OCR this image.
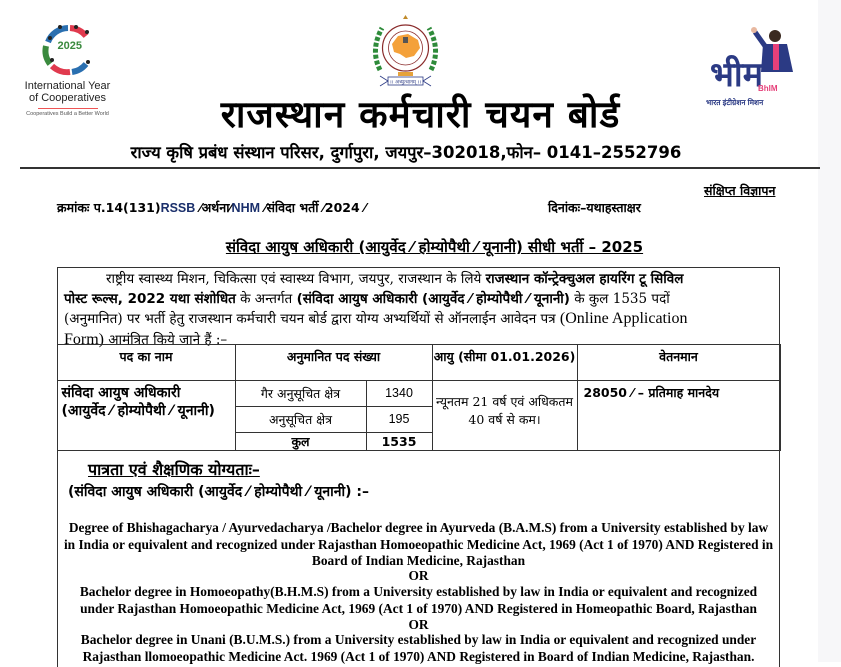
2025
International Year
of Cooperatives
Cooperatives Build a Better World
।। अभ्युत्थानम् ।।	भीम
BhIM
भारत इंटीग्रेशन मिशन
राजस्थान कर्मचारी चयन बोर्ड
राज्य कृषि प्रबंध संस्थान परिसर, दुर्गापुरा, जयपुर–302018,फोन– 0141–2552796
संक्षिप्त विज्ञापन
क्रमांकः प.14(131)RSSB ⁄अर्थना⁄NHM ⁄संविदा भर्ती ⁄2024 ⁄	दिनांकः–यथाहस्ताक्षर
संविदा आयुष अधिकारी (आयुर्वेद ⁄ होम्योपैथी ⁄ यूनानी) सीधी भर्ती – 2025
राष्ट्रीय स्वास्थ्य मिशन, चिकित्सा एवं स्वास्थ्य विभाग, जयपुर, राजस्थान के लिये राजस्थान कॉन्ट्रेक्चुअल हायरिंग टू सिविल
पोस्ट रूल्स, 2022 यथा संशोधित के अन्तर्गत (संविदा आयुष अधिकारी (आयुर्वेद ⁄ होम्योपैथी ⁄ यूनानी) के कुल 1535 पदों
(अनुमानित) पर भर्ती हेतु राजस्थान कर्मचारी चयन बोर्ड द्वारा योग्य अभ्यर्थियों से ऑनलाईन आवेदन पत्र (Online Application
Form) आमंत्रित किये जाने हैं :–
पद का नाम	अनुमानित पद संख्या		आयु (सीमा 01.01.2026)	वेतनमान

संविदा आयुष अधिकारी
(आयुर्वेद ⁄ होम्योपैथी ⁄ यूनानी)	गैर अनुसूचित क्षेत्र	1340	न्यूनतम 21 वर्ष एवं अधिकतम 40 वर्ष से कम।	28050 ⁄ – प्रतिमाह मानदेय
	अनुसूचित क्षेत्र	195		
	कुल	1535		
पात्रता एवं शैक्षणिक योग्यताः–
(संविदा आयुष अधिकारी (आयुर्वेद ⁄ होम्योपैथी ⁄ यूनानी) :–
Degree of Bhishagacharya / Ayurvedacharya /Bachelor degree in Ayurveda (B.A.M.S) from a University established by law in India or equivalent and recognized under Rajasthan Homoeopathic Medicine Act, 1969 (Act 1 of 1970) AND Registered in Board of Indian Medicine, Rajasthan
OR
Bachelor degree in Homoeopathy(B.H.M.S) from a University established by law in India or equivalent and recognized under Rajasthan Homoeopathic Medicine Act, 1969 (Act 1 of 1970) AND Registered in Homeopathic Board, Rajasthan
OR
Bachelor degree in Unani (B.U.M.S.) from a University established by law in India or equivalent and recognized under Rajasthan llomoeopathic Medicine Act. 1969 (Act 1 of 1970) AND Registered in Board of Indian Medicine, Rajasthan.
